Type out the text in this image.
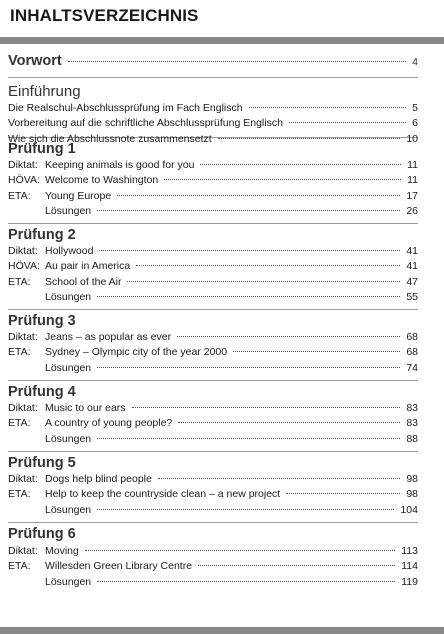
INHALTSVERZEICHNIS
Vorwort	4
Einführung
Die Realschul-Abschlussprüfung im Fach Englisch	5
Vorbereitung auf die schriftliche Abschlussprüfung Englisch	6
Wie sich die Abschlussnote zusammensetzt	10
Prüfung 1
Diktat: Keeping animals is good for you	11
HÖVA: Welcome to Washington	11
ETA:	Young Europe	17
Lösungen	26
Prüfung 2
Diktat: Hollywood	41
HÖVA: Au pair in America	41
ETA:	School of the Air	47
Lösungen	55
Prüfung 3
Diktat: Jeans – as popular as ever	68
ETA:	Sydney – Olympic city of the year 2000	68
Lösungen	74
Prüfung 4
Diktat: Music to our ears	83
ETA:	A country of young people?	83
Lösungen	88
Prüfung 5
Diktat: Dogs help blind people	98
ETA:	Help to keep the countryside clean – a new project	98
Lösungen	104
Prüfung 6
Diktat: Moving	113
ETA:	Willesden Green Library Centre	114
Lösungen	119
